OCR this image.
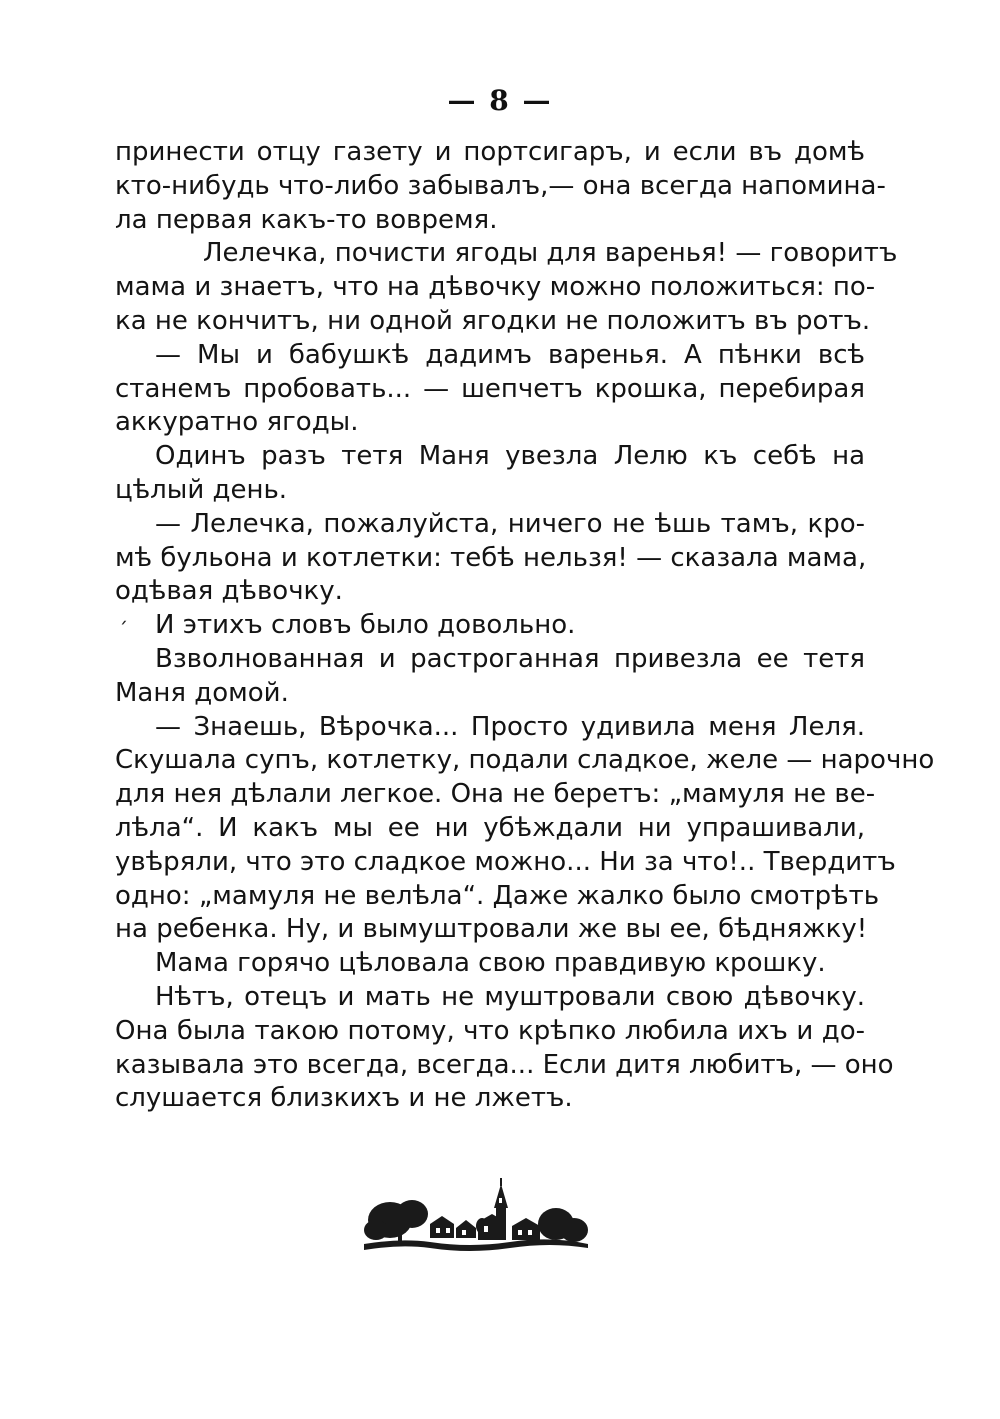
— 8 —
принести отцу газету и портсигаръ, и если въ домѣ
кто-нибудь что-либо забывалъ,— она всегда напомина-
ла первая какъ-то вовремя.
Лелечка, почисти ягоды для варенья! — говоритъ
мама и знаетъ, что на дѣвочку можно положиться: по-
ка не кончитъ, ни одной ягодки не положитъ въ ротъ.
— Мы и бабушкѣ дадимъ варенья. А пѣнки всѣ
станемъ пробовать... — шепчетъ крошка, перебирая
аккуратно ягоды.
Одинъ разъ тетя Маня увезла Лелю къ себѣ на
цѣлый день.
— Лелечка, пожалуйста, ничего не ѣшь тамъ, кро-
мѣ бульона и котлетки: тебѣ нельзя! — сказала мама,
одѣвая дѣвочку.
И этихъ словъ было довольно.
Взволнованная и растроганная привезла ее тетя
Маня домой.
— Знаешь, Вѣрочка... Просто удивила меня Леля.
Скушала супъ, котлетку, подали сладкое, желе — нарочно
для нея дѣлали легкое. Она не беретъ: „мамуля не ве-
лѣла“. И какъ мы ее ни убѣждали ни упрашивали,
увѣряли, что это сладкое можно... Ни за что!.. Твердитъ
одно: „мамуля не велѣла“. Даже жалко было смотрѣть
на ребенка. Ну, и вымуштровали же вы ее, бѣдняжку!
Мама горячо цѣловала свою правдивую крошку.
Нѣтъ, отецъ и мать не муштровали свою дѣвочку.
Она была такою потому, что крѣпко любила ихъ и до-
казывала это всегда, всегда... Если дитя любитъ, — оно
слушается близкихъ и не лжетъ.
ˊ
